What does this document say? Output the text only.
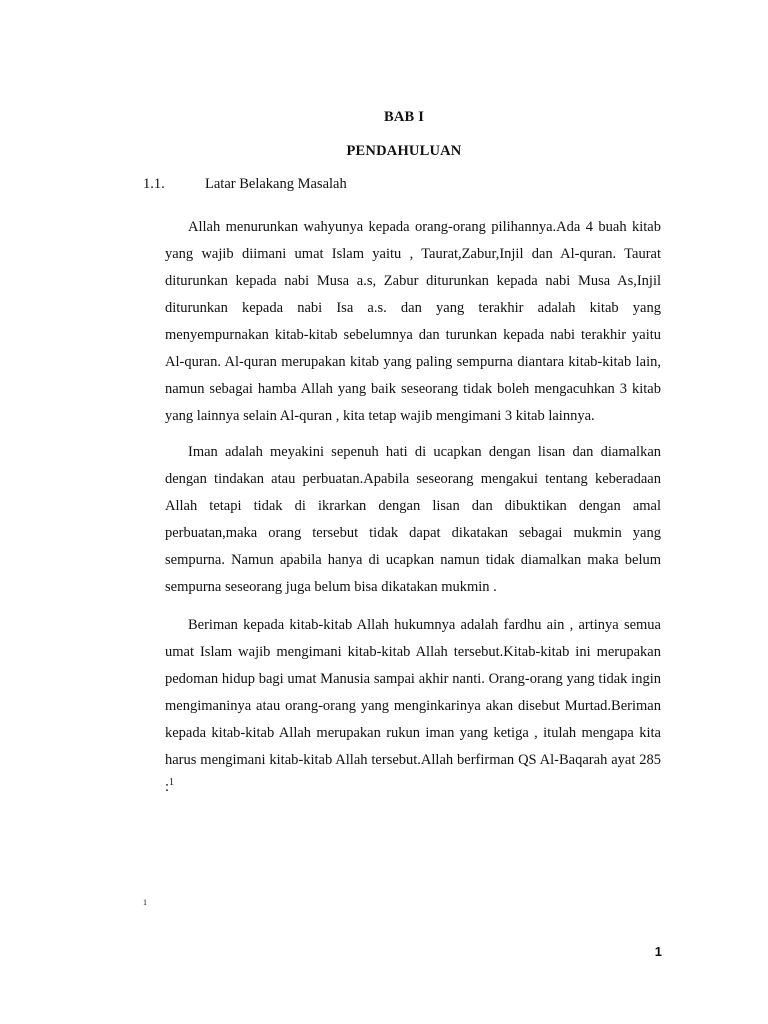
BAB I
PENDAHULUAN
1.1.	Latar Belakang Masalah

Allah menurunkan wahyunya kepada orang-orang pilihannya.Ada 4 buah kitab yang wajib diimani umat Islam yaitu , Taurat,Zabur,Injil dan Al-quran. Taurat diturunkan kepada nabi Musa a.s, Zabur diturunkan kepada nabi Musa As,Injil diturunkan kepada nabi Isa a.s. dan yang terakhir adalah kitab yang menyempurnakan kitab-kitab sebelumnya dan turunkan kepada nabi terakhir yaitu Al-quran. Al-quran merupakan kitab yang paling sempurna diantara kitab-kitab lain, namun sebagai hamba Allah yang baik seseorang tidak boleh mengacuhkan 3 kitab yang lainnya selain Al-quran , kita tetap wajib mengimani 3 kitab lainnya.

Iman adalah meyakini sepenuh hati di ucapkan dengan lisan dan diamalkan dengan tindakan atau perbuatan.Apabila seseorang mengakui tentang keberadaan Allah tetapi tidak di ikrarkan dengan lisan dan dibuktikan dengan amal perbuatan,maka orang tersebut tidak dapat dikatakan sebagai mukmin yang sempurna. Namun apabila hanya di ucapkan namun tidak diamalkan maka belum sempurna seseorang juga belum bisa dikatakan mukmin .

Beriman kepada kitab-kitab Allah hukumnya adalah fardhu ain , artinya semua umat Islam wajib mengimani kitab-kitab Allah tersebut.Kitab-kitab ini merupakan pedoman hidup bagi umat Manusia sampai akhir nanti. Orang-orang yang tidak ingin mengimaninya atau orang-orang yang menginkarinya akan disebut Murtad.Beriman kepada kitab-kitab Allah merupakan rukun iman yang ketiga , itulah mengapa kita harus mengimani kitab-kitab Allah tersebut.Allah berfirman QS Al-Baqarah ayat 285 :$^1$

1
1
